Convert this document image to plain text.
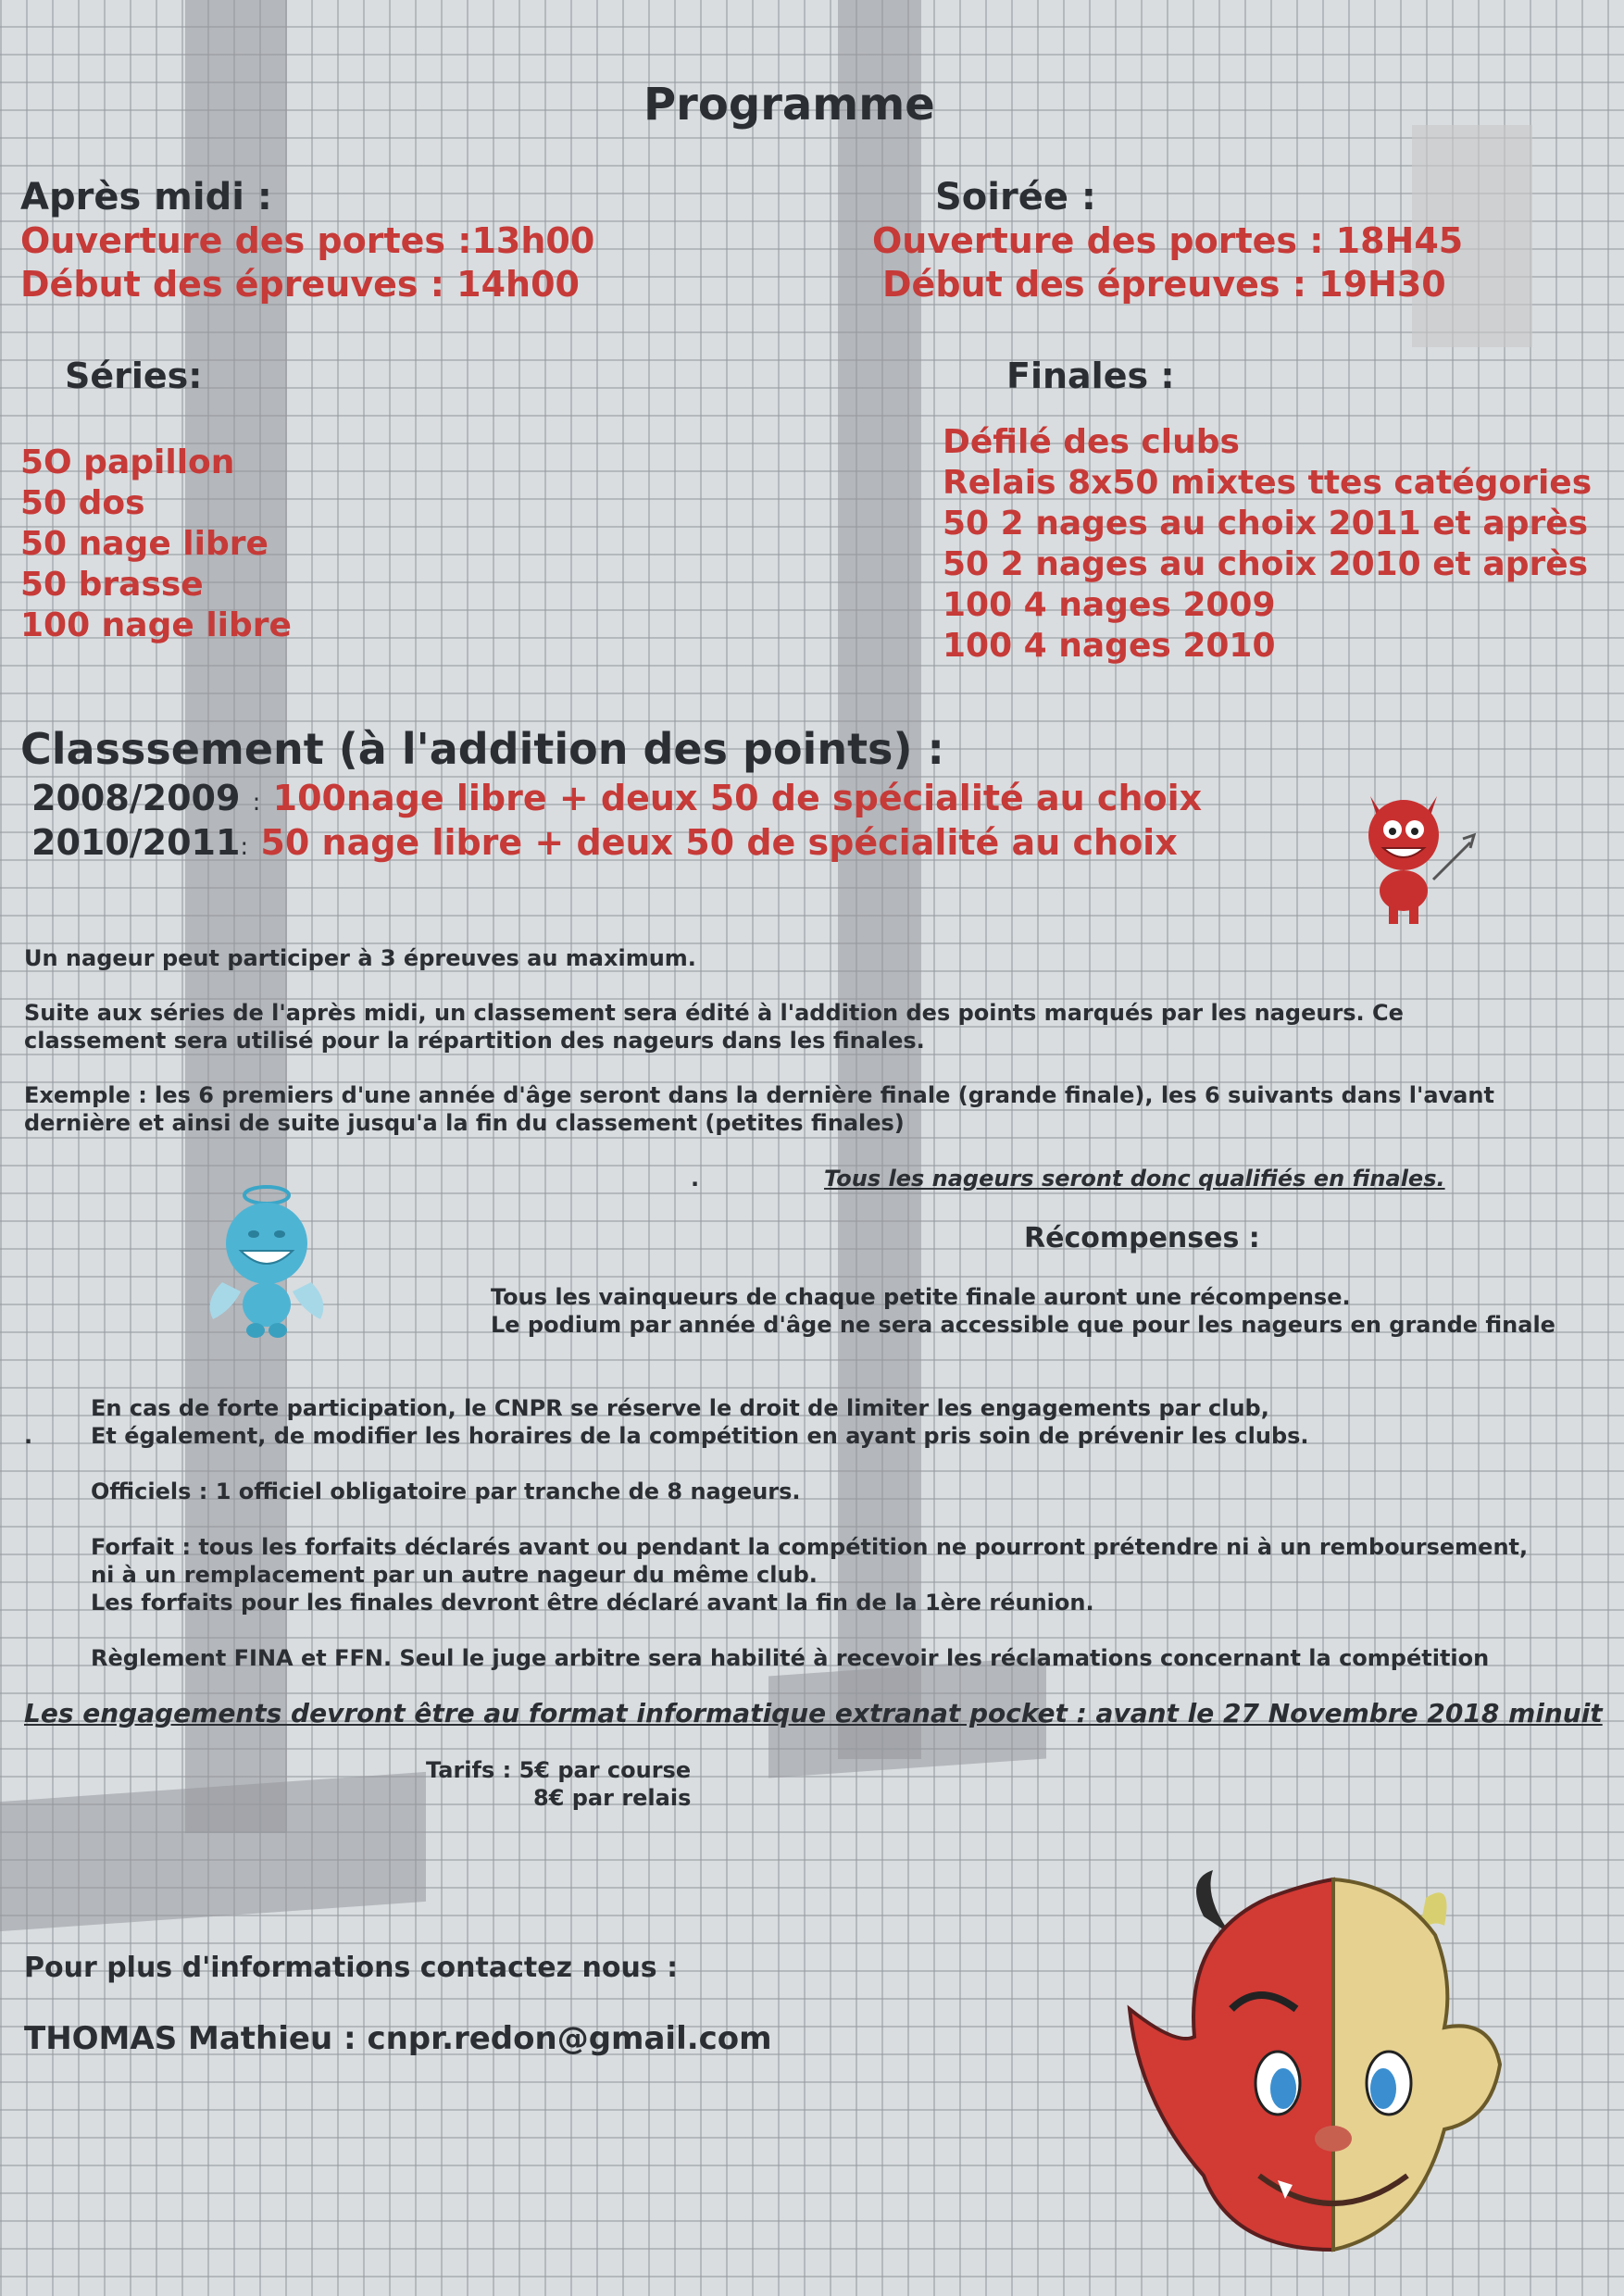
Programme
Après midi :
Ouverture des portes :13h00
Début des épreuves : 14h00
Soirée :
Ouverture des portes : 18H45
Début des épreuves : 19H30
Séries:
5O papillon
50 dos
50 nage libre
50 brasse
100 nage libre
Finales :
Défilé des clubs
Relais 8x50 mixtes ttes catégories
50 2 nages au choix 2011 et après
50 2 nages au choix 2010 et après
100 4 nages 2009
100 4 nages 2010
Classsement (à l'addition des points) :
2008/2009 : 100nage libre + deux 50 de spécialité au choix
2010/2011: 50 nage libre + deux 50 de spécialité au choix
Un nageur peut participer à 3 épreuves au maximum.
Suite aux séries de l'après midi, un classement sera édité à l'addition des points marqués par les nageurs. Ce
classement sera utilisé pour la répartition des nageurs dans les finales.
Exemple : les 6 premiers d'une année d'âge seront dans la dernière finale (grande finale), les 6 suivants dans l'avant
dernière et ainsi de suite jusqu'a la fin du classement (petites finales)
.	Tous les nageurs seront donc qualifiés en finales.
Récompenses :
Tous les vainqueurs de chaque petite finale auront une récompense.
Le podium par année d'âge ne sera accessible que pour les nageurs en grande finale
.
En cas de forte participation, le CNPR se réserve le droit de limiter les engagements par club,
Et également, de modifier les horaires de la compétition en ayant pris soin de prévenir les clubs.
Officiels : 1 officiel obligatoire par tranche de 8 nageurs.
Forfait : tous les forfaits déclarés avant ou pendant la compétition ne pourront prétendre ni à un remboursement,
ni à un remplacement par un autre nageur du même club.
Les forfaits pour les finales devront être déclaré avant la fin de la 1ère réunion.
Règlement FINA et FFN. Seul le juge arbitre sera habilité à recevoir les réclamations concernant la compétition
Les engagements devront être au format informatique extranat pocket : avant le 27 Novembre 2018 minuit
Tarifs : 5€ par course
8€ par relais
Pour plus d'informations contactez nous :
THOMAS Mathieu : cnpr.redon@gmail.com
